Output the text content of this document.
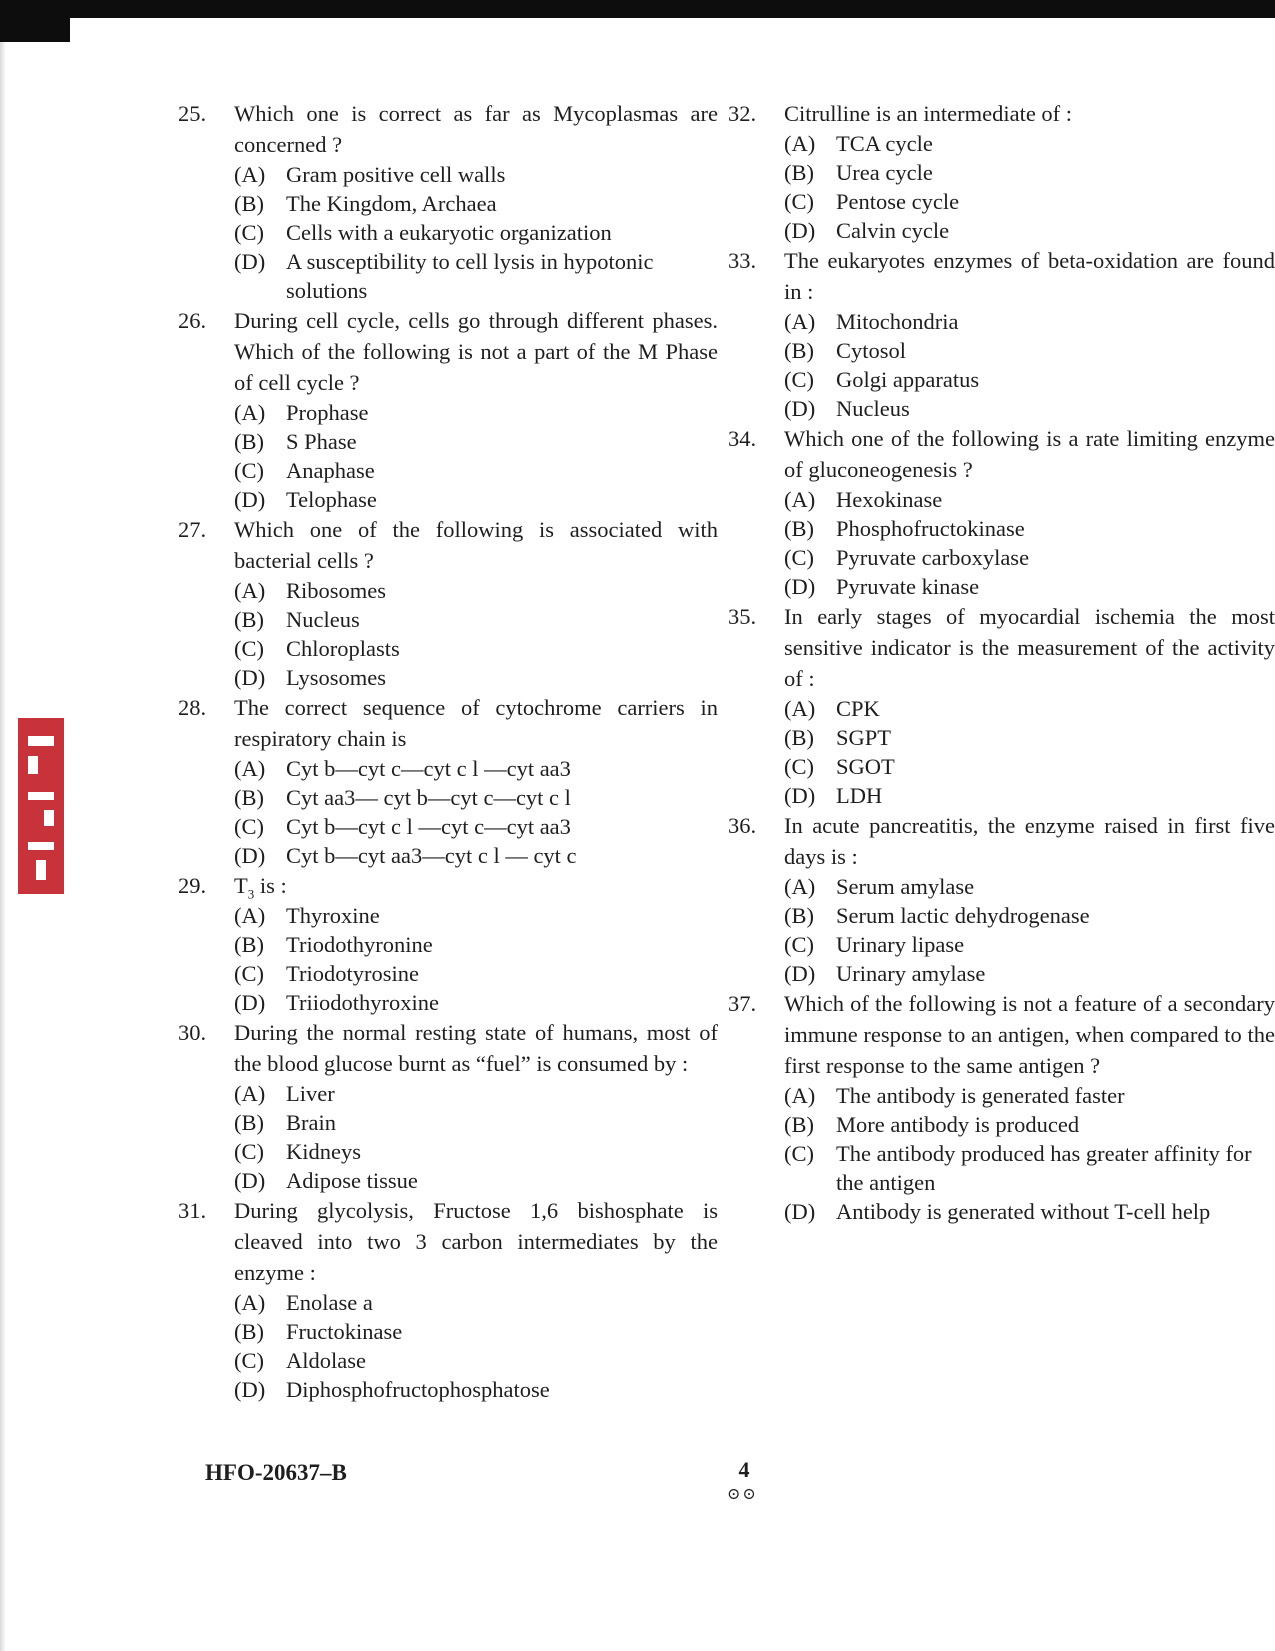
25.	Which one is correct as far as Mycoplasmas are concerned ?
(A) Gram positive cell walls
(B) The Kingdom, Archaea
(C) Cells with a eukaryotic organization
(D) A susceptibility to cell lysis in hypotonic solutions
26.	During cell cycle, cells go through different phases. Which of the following is not a part of the M Phase of cell cycle ?
(A) Prophase
(B) S Phase
(C) Anaphase
(D) Telophase
27.	Which one of the following is associated with bacterial cells ?
(A) Ribosomes
(B) Nucleus
(C) Chloroplasts
(D) Lysosomes
28.	The correct sequence of cytochrome carriers in respiratory chain is
(A) Cyt b—cyt c—cyt c l —cyt aa3
(B) Cyt aa3— cyt b—cyt c—cyt c l
(C) Cyt b—cyt c l —cyt c—cyt aa3
(D) Cyt b—cyt aa3—cyt c l — cyt c
29.	$T_3$ is :
(A) Thyroxine
(B) Triodothyronine
(C) Triodotyrosine
(D) Triiodothyroxine
30.	During the normal resting state of humans, most of the blood glucose burnt as “fuel” is consumed by :
(A) Liver
(B) Brain
(C) Kidneys
(D) Adipose tissue
31.	During glycolysis, Fructose 1,6 bishosphate is cleaved into two 3 carbon intermediates by the enzyme :
(A) Enolase a
(B) Fructokinase
(C) Aldolase
(D) Diphosphofructophosphatose
32.	Citrulline is an intermediate of :
(A) TCA cycle
(B) Urea cycle
(C) Pentose cycle
(D) Calvin cycle
33.	The eukaryotes enzymes of beta-oxidation are found in :
(A) Mitochondria
(B) Cytosol
(C) Golgi apparatus
(D) Nucleus
34.	Which one of the following is a rate limiting enzyme of gluconeogenesis ?
(A) Hexokinase
(B) Phosphofructokinase
(C) Pyruvate carboxylase
(D) Pyruvate kinase
35.	In early stages of myocardial ischemia the most sensitive indicator is the measurement of the activity of :
(A) CPK
(B) SGPT
(C) SGOT
(D) LDH
36.	In acute pancreatitis, the enzyme raised in first five days is :
(A) Serum amylase
(B) Serum lactic dehydrogenase
(C) Urinary lipase
(D) Urinary amylase
37.	Which of the following is not a feature of a secondary immune response to an antigen, when compared to the first response to the same antigen ?
(A) The antibody is generated faster
(B) More antibody is produced
(C) The antibody produced has greater affinity for the antigen
(D) Antibody is generated without T-cell help
HFO-20637–B	4
⊙⊙
